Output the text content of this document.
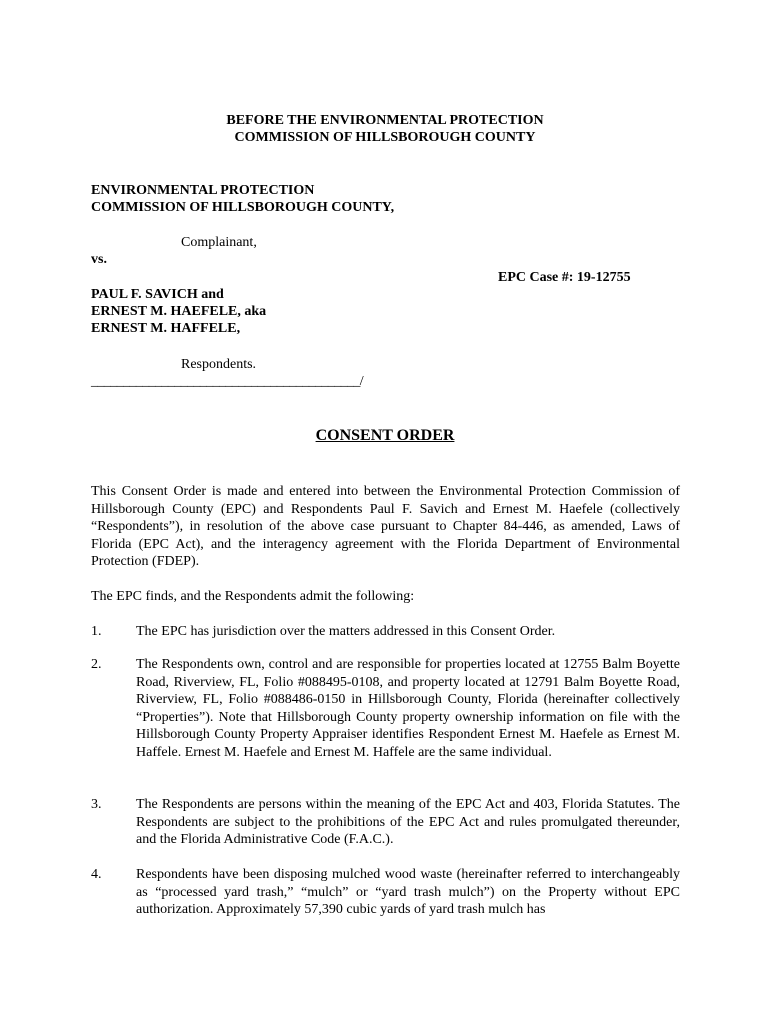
BEFORE THE ENVIRONMENTAL PROTECTION
COMMISSION OF HILLSBOROUGH COUNTY
ENVIRONMENTAL PROTECTION
COMMISSION OF HILLSBOROUGH COUNTY,
Complainant,
vs.
EPC Case #: 19-12755
PAUL F. SAVICH and
ERNEST M. HAEFELE, aka
ERNEST M. HAFFELE,
Respondents.
__________________________________________/
CONSENT ORDER
This Consent Order is made and entered into between the Environmental Protection Commission of Hillsborough County (EPC) and Respondents Paul F. Savich and Ernest M. Haefele (collectively “Respondents”), in resolution of the above case pursuant to Chapter 84-446, as amended, Laws of Florida (EPC Act), and the interagency agreement with the Florida Department of Environmental Protection (FDEP).
The EPC finds, and the Respondents admit the following:
1. The EPC has jurisdiction over the matters addressed in this Consent Order.
2. The Respondents own, control and are responsible for properties located at 12755 Balm Boyette Road, Riverview, FL, Folio #088495-0108, and property located at 12791 Balm Boyette Road, Riverview, FL, Folio #088486-0150 in Hillsborough County, Florida (hereinafter collectively “Properties”). Note that Hillsborough County property ownership information on file with the Hillsborough County Property Appraiser identifies Respondent Ernest M. Haefele as Ernest M. Haffele. Ernest M. Haefele and Ernest M. Haffele are the same individual.
3. The Respondents are persons within the meaning of the EPC Act and 403, Florida Statutes. The Respondents are subject to the prohibitions of the EPC Act and rules promulgated thereunder, and the Florida Administrative Code (F.A.C.).
4. Respondents have been disposing mulched wood waste (hereinafter referred to interchangeably as “processed yard trash,” “mulch” or “yard trash mulch”) on the Property without EPC authorization. Approximately 57,390 cubic yards of yard trash mulch has
